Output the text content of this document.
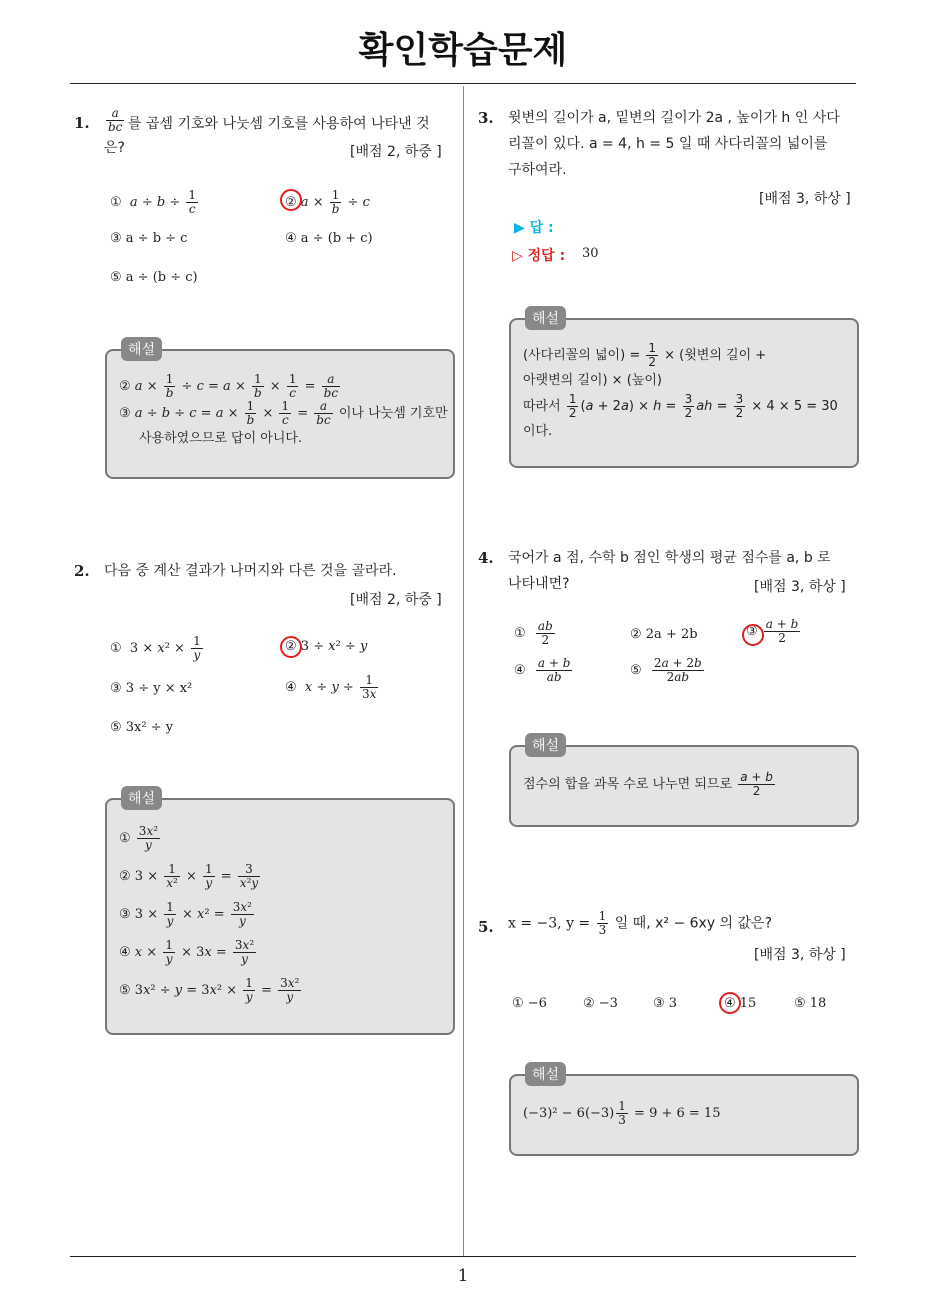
확인학습문제
1
1. $\frac{a}{bc}$ 를 곱셈 기호와 나눗셈 기호를 사용하여 나타낸 것
은?	[배점 2, 하중 ]
① $a \div b \div \frac{1}{c}$	② $a \times \frac{1}{b} \div c$
③ a ÷ b ÷ c	④ a ÷ (b + c)
⑤ a ÷ (b ÷ c)
해설
② $a \times \frac{1}{b} \div c = a \times \frac{1}{b} \times \frac{1}{c} = \frac{a}{bc}$
③ $a \div b \div c = a \times \frac{1}{b} \times \frac{1}{c} = \frac{a}{bc}$ 이나 나눗셈 기호만
사용하였으므로 답이 아니다.
2. 다음 중 계산 결과가 나머지와 다른 것을 골라라.
[배점 2, 하중 ]
①  $3 \times x^2 \times \frac{1}{y}$	② 3 ÷ x² ÷ y
③ 3 ÷ y × x²	④  $x \div y \div \frac{1}{3x}$
⑤ 3x² ÷ y
해설
① $\frac{\text{3x²}}{y}$
② $3 \times \frac{1}{\text{x²}} \times \frac{1}{y} = \frac{3}{\text{x²y}}$
③ $3 \times \frac{1}{y} \times x^2 = \frac{\text{3x²}}{y}$
④ $x \times \frac{1}{y} \times 3x = \frac{\text{3x²}}{y}$
⑤ $3x^2 \div y = 3x^2 \times \frac{1}{y} = \frac{\text{3x²}}{y}$
3. 윗변의 길이가 a, 밑변의 길이가 2a , 높이가 h 인 사다
리꼴이 있다. a = 4, h = 5 일 때 사다리꼴의 넓이를
구하여라.
[배점 3, 하상 ]
▶ 답 :
▷ 정답 : 30
해설
(사다리꼴의 넓이) = $\frac{1}{2}$ × (윗변의 길이 +
아랫변의 길이) × (높이)
따라서 $\frac{1}{2} (a + 2a) \times h = \frac{3}{2}$ ah = $\frac{3}{2} \times 4 \times 5 = 30$
이다.
4. 국어가 a 점, 수학 b 점인 학생의 평균 점수를 a, b 로
나타내면?	[배점 3, 하상 ]
① $\frac{ab}{2}$	② 2a + 2b	③ $\frac{a + b}{2}$
④ $\frac{a + b}{ab}$	⑤ $\frac{2a + 2b}{2ab}$
해설
점수의 합을 과목 수로 나누면 되므로 $\frac{a + b}{2}$
5. x = −3, $y = \frac{1}{3}$ 일 때, x² − 6xy 의 값은?
[배점 3, 하상 ]
① −6	② −3	③ 3	④ 15	⑤ 18
해설
$(-3)^2 - 6(-3) \frac{1}{3} = 9 + 6 = 15$
